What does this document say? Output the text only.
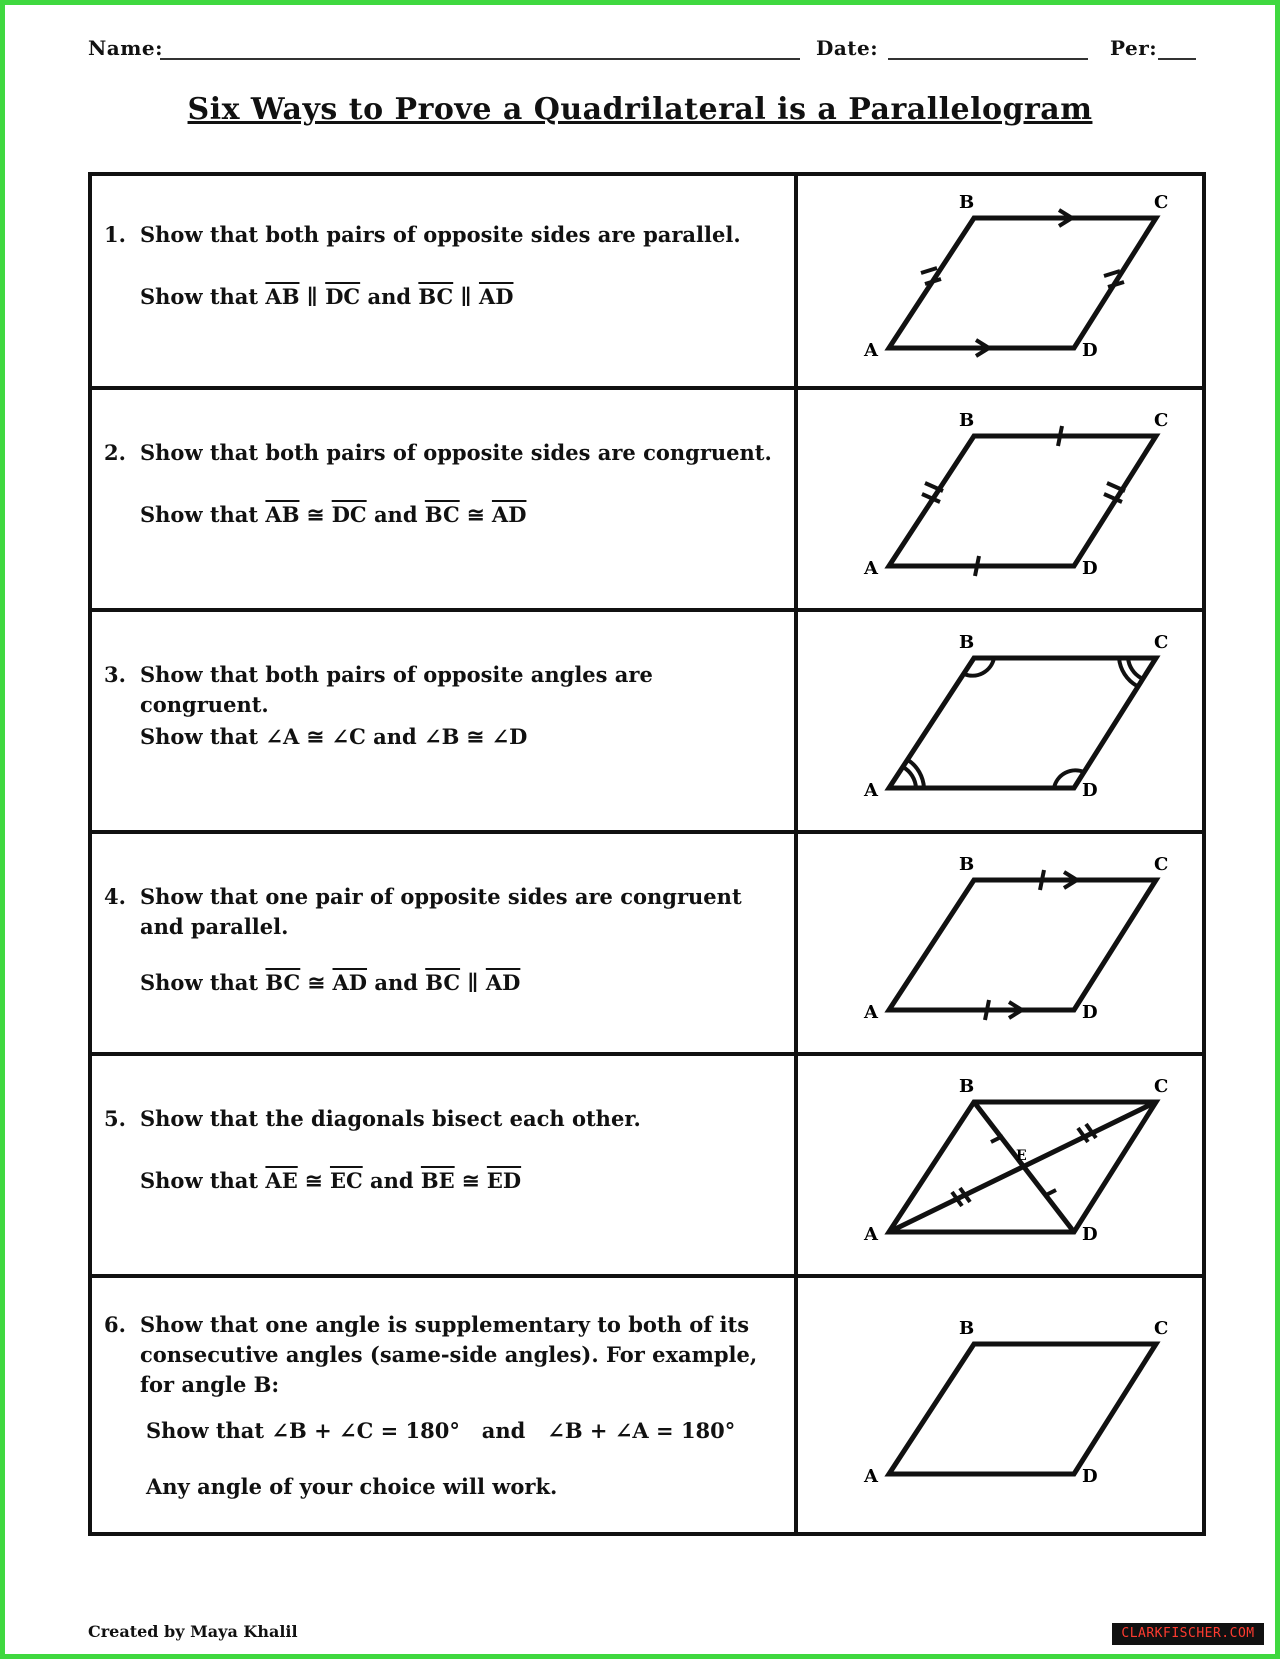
Name:	Date:	Per:
Six Ways to Prove a Quadrilateral is a Parallelogram
1. Show that both pairs of opposite sides are parallel.
Show that $\overline{AB}$ ∥ $\overline{DC}$ and $\overline{BC}$ ∥ $\overline{AD}$
A
B	C
D
2. Show that both pairs of opposite sides are congruent.
Show that $\overline{AB}$ ≅ $\overline{DC}$ and $\overline{BC}$ ≅ $\overline{AD}$
A
B	C
D
3. Show that both pairs of opposite angles are congruent.
Show that ∠A ≅ ∠C and ∠B ≅ ∠D
A
B	C
D
4. Show that one pair of opposite sides are congruent and parallel.
Show that $\overline{BC}$ ≅ $\overline{AD}$ and $\overline{BC}$ ∥ $\overline{AD}$
A
B	C
D
5. Show that the diagonals bisect each other.
Show that $\overline{AE}$ ≅ $\overline{EC}$ and $\overline{BE}$ ≅ $\overline{ED}$
E
A
B	C
D
6. Show that one angle is supplementary to both of its consecutive angles (same-side angles). For example, for angle B:
Show that ∠B + ∠C = 180°   and   ∠B + ∠A = 180°
Any angle of your choice will work.	A
B	C
D
Created by Maya Khalil	CLARKFISCHER.COM
